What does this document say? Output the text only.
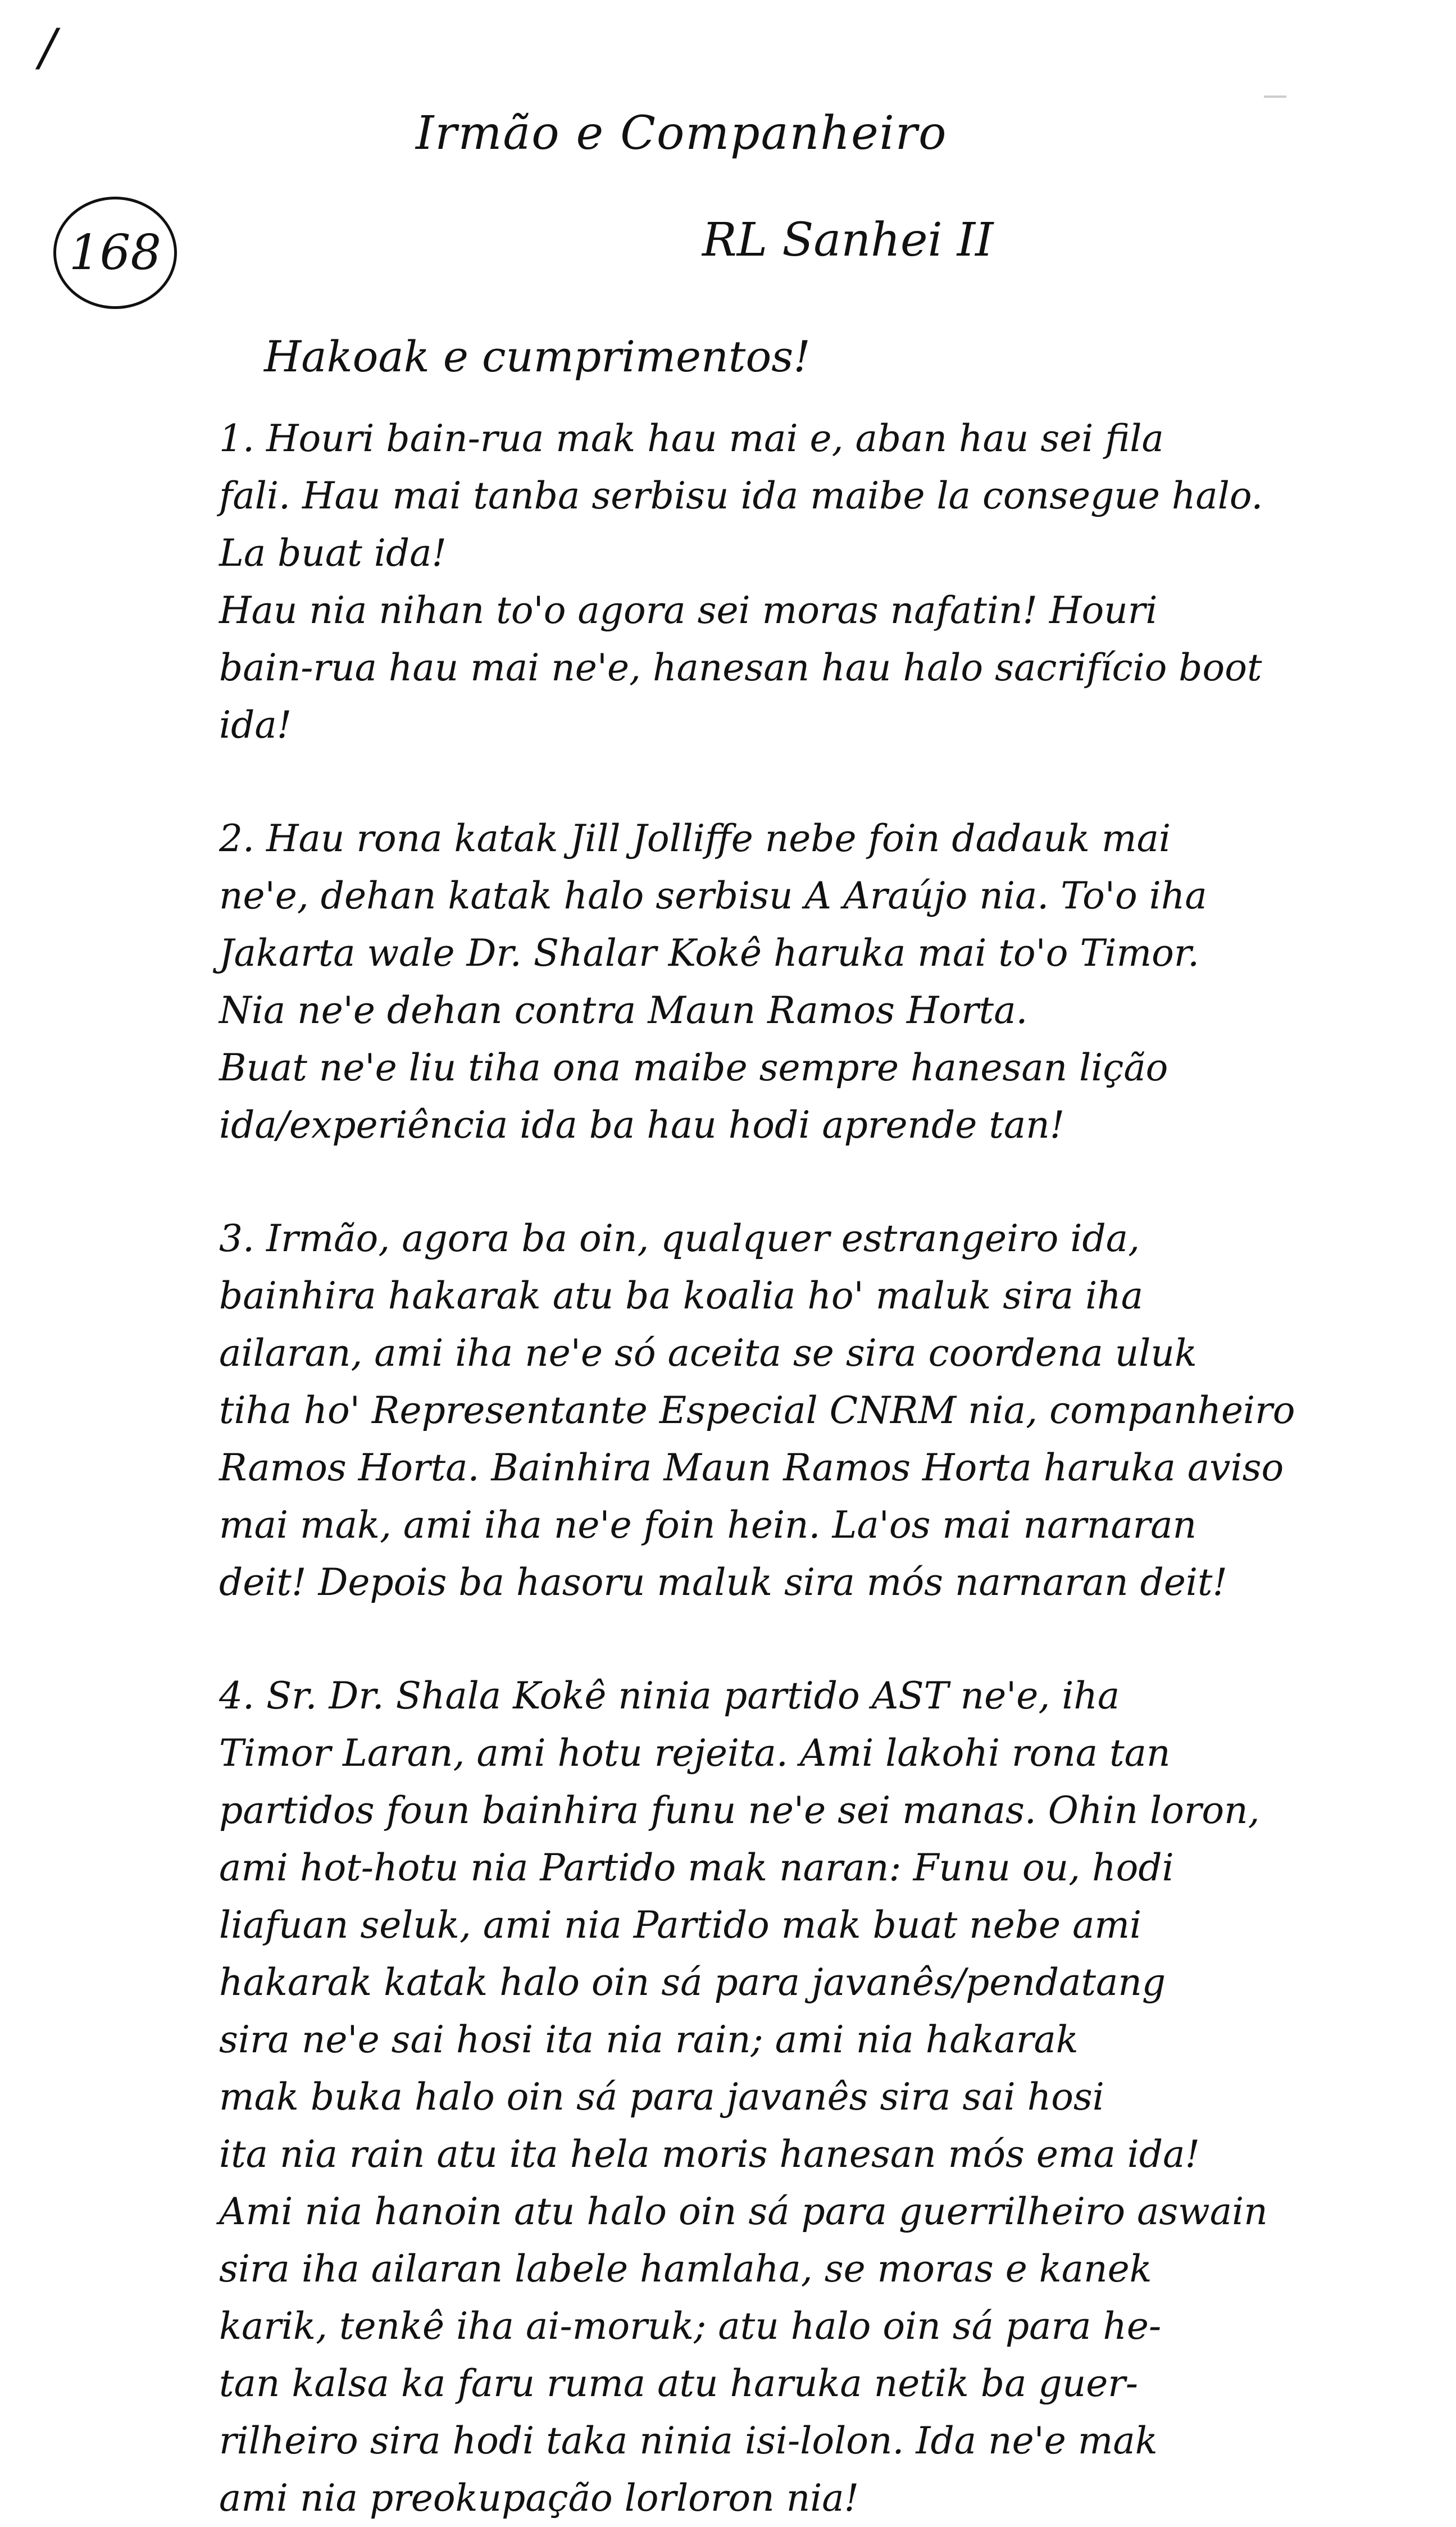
/
Irmão e Companheiro
168	RL Sanhei II
Hakoak e cumprimentos!

1. Houri bain-rua mak hau mai e, aban hau sei fila
fali. Hau mai tanba serbisu ida maibe la consegue halo.
La buat ida!
Hau nia nihan to'o agora sei moras nafatin! Houri
bain-rua hau mai ne'e, hanesan hau halo sacrifício boot
ida!

2. Hau rona katak Jill Jolliffe nebe foin dadauk mai
ne'e, dehan katak halo serbisu A Araújo nia. To'o iha
Jakarta wale Dr. Shalar Kokê haruka mai to'o Timor.
Nia ne'e dehan contra Maun Ramos Horta.
Buat ne'e liu tiha ona maibe sempre hanesan lição
ida/experiência ida ba hau hodi aprende tan!

3. Irmão, agora ba oin, qualquer estrangeiro ida,
bainhira hakarak atu ba koalia ho' maluk sira iha
ailaran, ami iha ne'e só aceita se sira coordena uluk
tiha ho' Representante Especial CNRM nia, companheiro
Ramos Horta. Bainhira Maun Ramos Horta haruka aviso
mai mak, ami iha ne'e foin hein. La'os mai narnaran
deit! Depois ba hasoru maluk sira mós narnaran deit!

4. Sr. Dr. Shala Kokê ninia partido AST ne'e, iha
Timor Laran, ami hotu rejeita. Ami lakohi rona tan
partidos foun bainhira funu ne'e sei manas. Ohin loron,
ami hot-hotu nia Partido mak naran: Funu ou, hodi
liafuan seluk, ami nia Partido mak buat nebe ami
hakarak katak halo oin sá para javanês/pendatang
sira ne'e sai hosi ita nia rain; ami nia hakarak
mak buka halo oin sá para javanês sira sai hosi
ita nia rain atu ita hela moris hanesan mós ema ida!
Ami nia hanoin atu halo oin sá para guerrilheiro aswain
sira iha ailaran labele hamlaha, se moras e kanek
karik, tenkê iha ai-moruk; atu halo oin sá para he-
tan kalsa ka faru ruma atu haruka netik ba guer-
rilheiro sira hodi taka ninia isi-lolon. Ida ne'e mak
ami nia preokupação lorloron nia!
